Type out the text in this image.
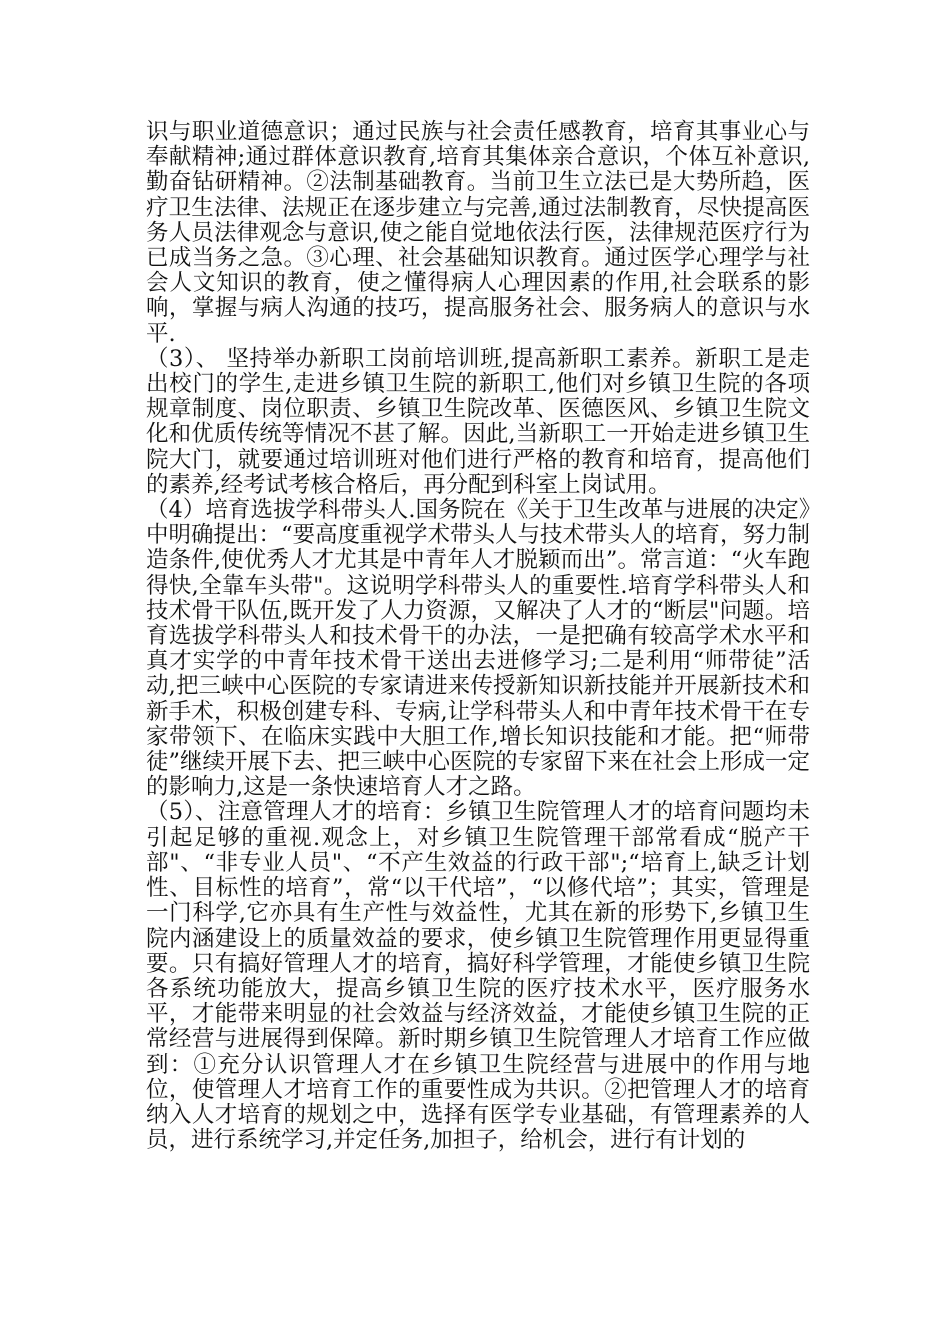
识与职业道德意识；通过民族与社会责任感教育，培育其事业心与奉献精神;通过群体意识教育,培育其集体亲合意识，个体互补意识,勤奋钻研精神。②法制基础教育。当前卫生立法已是大势所趋，医疗卫生法律、法规正在逐步建立与完善,通过法制教育，尽快提高医务人员法律观念与意识,使之能自觉地依法行医，法律规范医疗行为已成当务之急。③心理、社会基础知识教育。通过医学心理学与社会人文知识的教育，使之懂得病人心理因素的作用,社会联系的影响，掌握与病人沟通的技巧，提高服务社会、服务病人的意识与水平.

（3）、 坚持举办新职工岗前培训班,提高新职工素养。新职工是走出校门的学生,走进乡镇卫生院的新职工,他们对乡镇卫生院的各项规章制度、岗位职责、乡镇卫生院改革、医德医风、乡镇卫生院文化和优质传统等情况不甚了解。因此,当新职工一开始走进乡镇卫生院大门，就要通过培训班对他们进行严格的教育和培育，提高他们的素养,经考试考核合格后，再分配到科室上岗试用。

（4）培育选拔学科带头人.国务院在《关于卫生改革与进展的决定》中明确提出：“要高度重视学术带头人与技术带头人的培育，努力制造条件,使优秀人才尤其是中青年人才脱颖而出”。常言道：“火车跑得快,全靠车头带"。这说明学科带头人的重要性.培育学科带头人和技术骨干队伍,既开发了人力资源，又解决了人才的“断层"问题。培育选拔学科带头人和技术骨干的办法，一是把确有较高学术水平和真才实学的中青年技术骨干送出去进修学习;二是利用“师带徒”活动,把三峡中心医院的专家请进来传授新知识新技能并开展新技术和新手术，积极创建专科、专病,让学科带头人和中青年技术骨干在专家带领下、在临床实践中大胆工作,增长知识技能和才能。把“师带徒”继续开展下去、把三峡中心医院的专家留下来在社会上形成一定的影响力,这是一条快速培育人才之路。

（5）、注意管理人才的培育：乡镇卫生院管理人才的培育问题均未引起足够的重视.观念上，对乡镇卫生院管理干部常看成“脱产干部"、“非专业人员"、“不产生效益的行政干部";“培育上,缺乏计划性、目标性的培育”，常“以干代培”，“以修代培”；其实，管理是一门科学,它亦具有生产性与效益性，尤其在新的形势下,乡镇卫生院内涵建设上的质量效益的要求，使乡镇卫生院管理作用更显得重要。只有搞好管理人才的培育，搞好科学管理，才能使乡镇卫生院各系统功能放大，提高乡镇卫生院的医疗技术水平，医疗服务水平，才能带来明显的社会效益与经济效益，才能使乡镇卫生院的正常经营与进展得到保障。新时期乡镇卫生院管理人才培育工作应做到：①充分认识管理人才在乡镇卫生院经营与进展中的作用与地位，使管理人才培育工作的重要性成为共识。②把管理人才的培育纳入人才培育的规划之中，选择有医学专业基础，有管理素养的人员，进行系统学习,并定任务,加担子，给机会，进行有计划的
